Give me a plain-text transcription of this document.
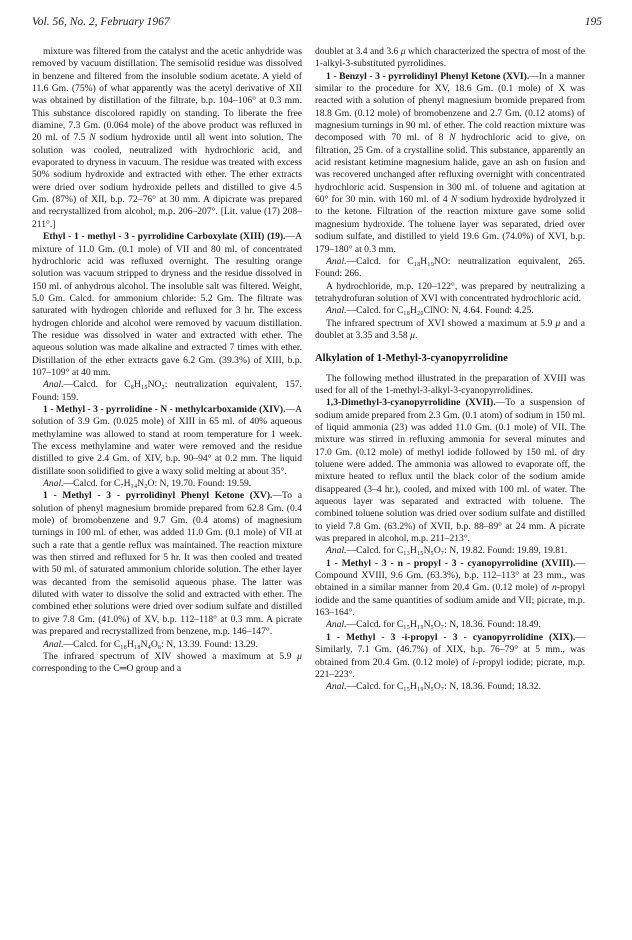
Vol. 56, No. 2, February 1967	195

mixture was filtered from the catalyst and the acetic anhydride was removed by vacuum distillation. The semisolid residue was dissolved in benzene and filtered from the insoluble sodium acetate. A yield of 11.6 Gm. (75%) of what apparently was the acetyl derivative of XII was obtained by distillation of the filtrate, b.p. 104–106° at 0.3 mm. This substance discolored rapidly on standing. To liberate the free diamine, 7.3 Gm. (0.064 mole) of the above product was refluxed in 20 ml. of 7.5 N sodium hydroxide until all went into solution. The solution was cooled, neutralized with hydrochloric acid, and evaporated to dryness in vacuum. The residue was treated with excess 50% sodium hydroxide and extracted with ether. The ether extracts were dried over sodium hydroxide pellets and distilled to give 4.5 Gm. (87%) of XII, b.p. 72–76° at 30 mm. A dipicrate was prepared and recrystallized from alcohol, m.p. 206–207°. [Lit. value (17) 208–211°.]

Ethyl - 1 - methyl - 3 - pyrrolidine Carboxylate (XIII) (19).—A mixture of 11.0 Gm. (0.1 mole) of VII and 80 ml. of concentrated hydrochloric acid was refluxed overnight. The resulting orange solution was vacuum stripped to dryness and the residue dissolved in 150 ml. of anhydrous alcohol. The insoluble salt was filtered. Weight, 5.0 Gm. Calcd. for ammonium chloride: 5.2 Gm. The filtrate was saturated with hydrogen chloride and refluxed for 3 hr. The excess hydrogen chloride and alcohol were removed by vacuum distillation. The residue was dissolved in water and extracted with ether. The aqueous solution was made alkaline and extracted 7 times with ether. Distillation of the ether extracts gave 6.2 Gm. (39.3%) of XIII, b.p. 107–109° at 40 mm.

Anal.—Calcd. for C₈H₁₅NO₂: neutralization equivalent, 157. Found: 159.

1 - Methyl - 3 - pyrrolidine - N - methylcarboxamide (XIV).—A solution of 3.9 Gm. (0.025 mole) of XIII in 65 ml. of 40% aqueous methylamine was allowed to stand at room temperature for 1 week. The excess methylamine and water were removed and the residue distilled to give 2.4 Gm. of XIV, b.p. 90–94° at 0.2 mm. The liquid distillate soon solidified to give a waxy solid melting at about 35°.

Anal.—Calcd. for C₇H₁₄N₂O: N, 19.70. Found: 19.59.

1 - Methyl - 3 - pyrrolidinyl Phenyl Ketone (XV).—To a solution of phenyl magnesium bromide prepared from 62.8 Gm. (0.4 mole) of bromobenzene and 9.7 Gm. (0.4 atoms) of magnesium turnings in 100 ml. of ether, was added 11.0 Gm. (0.1 mole) of VII at such a rate that a gentle reflux was maintained. The reaction mixture was then stirred and refluxed for 5 hr. It was then cooled and treated with 50 ml. of saturated ammonium chloride solution. The ether layer was decanted from the semisolid aqueous phase. The latter was diluted with water to dissolve the solid and extracted with ether. The combined ether solutions were dried over sodium sulfate and distilled to give 7.8 Gm. (41.0%) of XV, b.p. 112–118° at 0.3 mm. A picrate was prepared and recrystallized from benzene, m.p. 146–147°.

Anal.—Calcd. for C₁₈H₁₈N₄O₈: N, 13.39. Found: 13.29.

The infrared spectrum of XIV showed a maximum at 5.9 μ corresponding to the C═O group and a

doublet at 3.4 and 3.6 μ which characterized the spectra of most of the 1-alkyl-3-substituted pyrrolidines.

1 - Benzyl - 3 - pyrrolidinyl Phenyl Ketone (XVI).—In a manner similar to the procedure for XV, 18.6 Gm. (0.1 mole) of X was reacted with a solution of phenyl magnesium bromide prepared from 18.8 Gm. (0.12 mole) of bromobenzene and 2.7 Gm. (0.12 atoms) of magnesium turnings in 90 ml. of ether. The cold reaction mixture was decomposed with 70 ml. of 8 N hydrochloric acid to give, on filtration, 25 Gm. of a crystalline solid. This substance, apparently an acid resistant ketimine magnesium halide, gave an ash on fusion and was recovered unchanged after refluxing overnight with concentrated hydrochloric acid. Suspension in 300 ml. of toluene and agitation at 60° for 30 min. with 160 ml. of 4 N sodium hydroxide hydrolyzed it to the ketone. Filtration of the reaction mixture gave some solid magnesium hydroxide. The toluene layer was separated, dried over sodium sulfate, and distilled to yield 19.6 Gm. (74.0%) of XVI, b.p. 179–180° at 0.3 mm.

Anal.—Calcd. for C₁₈H₁₉NO: neutralization equivalent, 265. Found: 266.

A hydrochloride, m.p. 120–122°, was prepared by neutralizing a tetrahydrofuran solution of XVI with concentrated hydrochloric acid.

Anal.—Calcd. for C₁₈H₂₀ClNO: N, 4.64. Found: 4.25.

The infrared spectrum of XVI showed a maximum at 5.9 μ and a doublet at 3.35 and 3.58 μ.

Alkylation of 1-Methyl-3-cyanopyrrolidine

The following method illustrated in the preparation of XVIII was used for all of the 1-methyl-3-alkyl-3-cyanopyrrolidines.

1,3-Dimethyl-3-cyanopyrrolidine (XVII).—To a suspension of sodium amide prepared from 2.3 Gm. (0.1 atom) of sodium in 150 ml. of liquid ammonia (23) was added 11.0 Gm. (0.1 mole) of VII. The mixture was stirred in refluxing ammonia for several minutes and 17.0 Gm. (0.12 mole) of methyl iodide followed by 150 ml. of dry toluene were added. The ammonia was allowed to evaporate off, the mixture heated to reflux until the black color of the sodium amide disappeared (3–4 hr.), cooled, and mixed with 100 ml. of water. The aqueous layer was separated and extracted with toluene. The combined toluene solution was dried over sodium sulfate and distilled to yield 7.8 Gm. (63.2%) of XVII, b.p. 88–89° at 24 mm. A picrate was prepared in alcohol, m.p. 211–213°.

Anal.—Calcd. for C₁₃H₁₅N₅O₇: N, 19.82. Found: 19.89, 19.81.

1 - Methyl - 3 - n - propyl - 3 - cyanopyrrolidine (XVIII).—Compound XVIII, 9.6 Gm. (63.3%), b.p. 112–113° at 23 mm., was obtained in a similar manner from 20.4 Gm. (0.12 mole) of n-propyl iodide and the same quantities of sodium amide and VII; picrate, m.p. 163–164°.

Anal.—Calcd. for C₁₅H₁₉N₅O₇: N, 18.36. Found: 18.49.

1 - Methyl - 3 -i-propyl - 3 - cyanopyrrolidine (XIX).—Similarly, 7.1 Gm. (46.7%) of XIX, b.p. 76–79° at 5 mm., was obtained from 20.4 Gm. (0.12 mole) of i-propyl iodide; picrate, m.p. 221–223°.

Anal.—Calcd. for C₁₅H₁₉N₅O₇: N, 18.36. Found; 18.32.
